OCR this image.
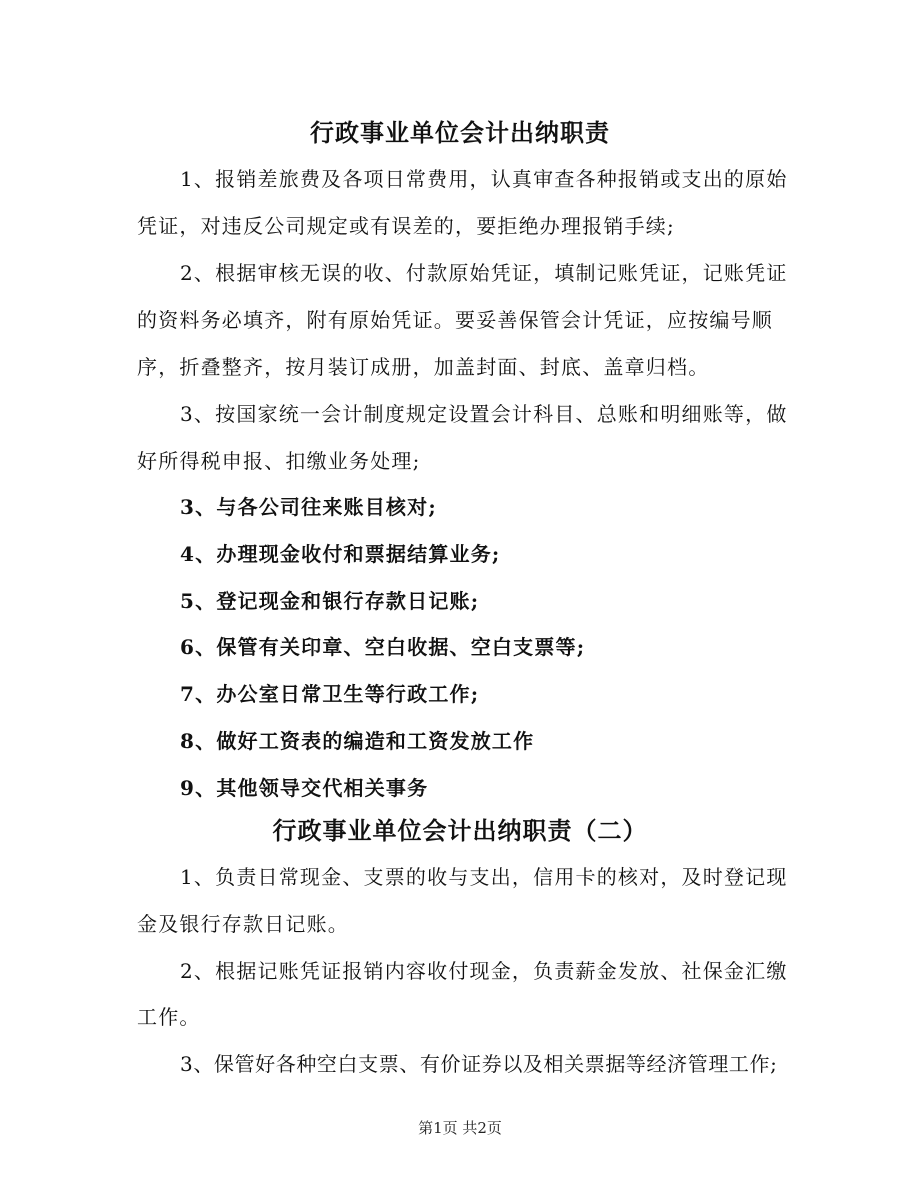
行政事业单位会计出纳职责
1、报销差旅费及各项日常费用，认真审查各种报销或支出的原始
凭证，对违反公司规定或有误差的，要拒绝办理报销手续;
2、根据审核无误的收、付款原始凭证，填制记账凭证，记账凭证
的资料务必填齐，附有原始凭证。要妥善保管会计凭证，应按编号顺
序，折叠整齐，按月装订成册，加盖封面、封底、盖章归档。
3、按国家统一会计制度规定设置会计科目、总账和明细账等，做
好所得税申报、扣缴业务处理;
3、与各公司往来账目核对;
4、办理现金收付和票据结算业务;
5、登记现金和银行存款日记账;
6、保管有关印章、空白收据、空白支票等;
7、办公室日常卫生等行政工作;
8、做好工资表的编造和工资发放工作
9、其他领导交代相关事务
行政事业单位会计出纳职责（二）
1、负责日常现金、支票的收与支出，信用卡的核对，及时登记现
金及银行存款日记账。
2、根据记账凭证报销内容收付现金，负责薪金发放、社保金汇缴
工作。
3、保管好各种空白支票、有价证券以及相关票据等经济管理工作;
第1页 共2页
